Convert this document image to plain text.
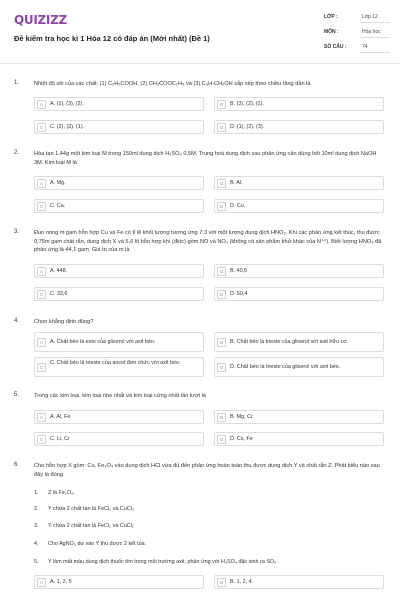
QUIZIZZ
Đề kiểm tra học kì 1 Hóa 12 có đáp án (Mới nhất) (Đề 1)
LỚP :	Lớp 12
MÔN :	Hóa học
SỐ CÂU :	74
1.	Nhiệt độ sôi của các chất: (1) C₂H₅COOH, (2) CH₃COOC₂H₅ và (3) C₃H₇CH₂OH sắp xếp theo chiều tăng dần là
A	A. (1), (3), (2).	B	B. (3), (2), (1).
C	C. (2), (3), (1).	D	D. (1), (2), (3).
2.	Hòa tan 1,44g một kim loại M trong 150ml dung dịch H₂SO₄ 0,5M. Trung hoà dung dịch sau phản ứng cần dùng hết 10ml dung dịch NaOH 3M. Kim loại M là
A	A. Mg.	B	B. Al.
C	C. Ca.	D	D. Cu.
3.	Đun nóng m gam hỗn hợp Cu và Fe có tỉ lệ khối lượng tương ứng 7:3 với một lượng dung dịch HNO₃. Khi các phản ứng kết thúc, thu được 0,75m gam chất rắn, dung dịch X và 5,6 lít hỗn hợp khí (đktc) gồm NO và NO₂ (không có sản phẩm khử khác của N⁺⁵). Biết lượng HNO₃ đã phản ứng là 44,1 gam. Giá trị của m là
A	A. 448.	B	B. 40,5
C	C. 33,6	D	D. 50,4
4.	Chọn khẳng định đúng?
A	A. Chất béo là este của glixerol với axit béo.	B	B. Chất béo là trieste của glixerol với axit hữu cơ.
C
C. Chất béo là trieste của ancol đơn chức với axit béo.
D	D. Chất béo là trieste của glixerol với axit béo.
5.	Trong các kim loại, kim loại nhẹ nhất và kim loại cứng nhất lần lượt là
A	A. Al, Fe	B	B. Mg, Cr
C	C. Li, Cr	D	D. Cs, Fe
6.	Cho hỗn hợp X gồm: Cu, Fe₃O₄ vào dung dịch HCl vừa đủ đến phản ứng hoàn toàn thu được dung dịch Y và chất rắn Z. Phát biểu nào sau đây là đúng
1. Z là Fe₃O₄.
2. Y chứa 2 chất tan là FeCl₃ và CuCl₂
3. Y chứa 2 chất tan là FeCl₂ và CuCl₂
4. Cho AgNO₃ dư vào Y thu được 2 kết tủa.
5. Y làm mất màu dung dịch thuốc tím trong môi trường axit, phản ứng với H₂SO₄ đặc sinh ra SO₂.
A	A. 1, 2, 5	B	B. 1, 2, 4.
